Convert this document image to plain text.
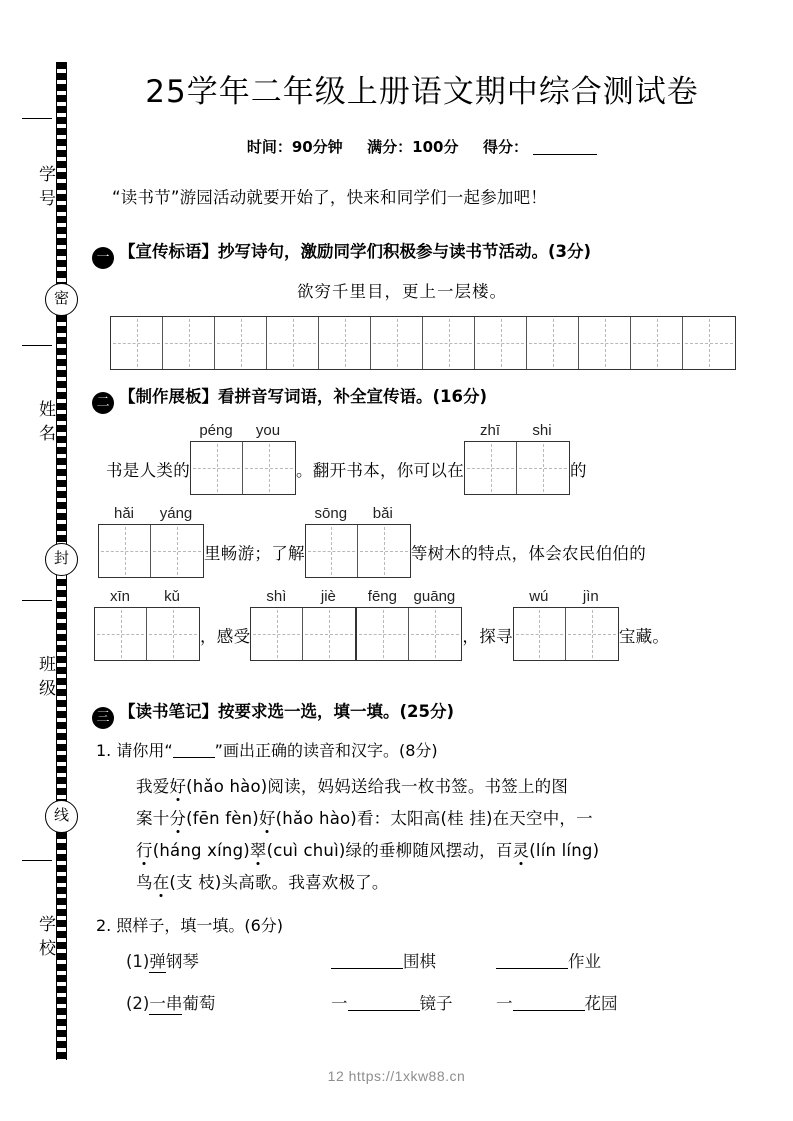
学号
密
姓名
封
班级
线
学校
25学年二年级上册语文期中综合测试卷
时间：90分钟 满分：100分 得分：
“读书节”游园活动就要开始了，快来和同学们一起参加吧！
一 【宣传标语】抄写诗句，激励同学们积极参与读书节活动。(3分)
欲穷千里目，更上一层楼。
二 【制作展板】看拼音写词语，补全宣传语。(16分)
书是人类的
péng	you
。翻开书本，你可以在
zhī	shi
的
hǎi	yáng
里畅游；了解
sōng	bǎi
等树木的特点，体会农民伯伯的
xīn	kǔ
，感受
shì	jiè	fēng	guāng
，探寻
wú	jìn
宝藏。
三 【读书笔记】按要求选一选，填一填。(25分)
1. 请你用“	”画出正确的读音和汉字。(8分)
我爱好(hǎo hào)阅读，妈妈送给我一枚书签。书签上的图
案十分(fēn fèn)好(hǎo hào)看：太阳高(桂 挂)在天空中，一
行(háng xíng)翠(cuì chuì)绿的垂柳随风摆动，百灵(lín líng)
鸟在(支 枝)头高歌。我喜欢极了。
2. 照样子，填一填。(6分)
(1)弹钢琴	围棋	作业
(2)一串葡萄	一	镜子	一	花园
12 https://1xkw88.cn
